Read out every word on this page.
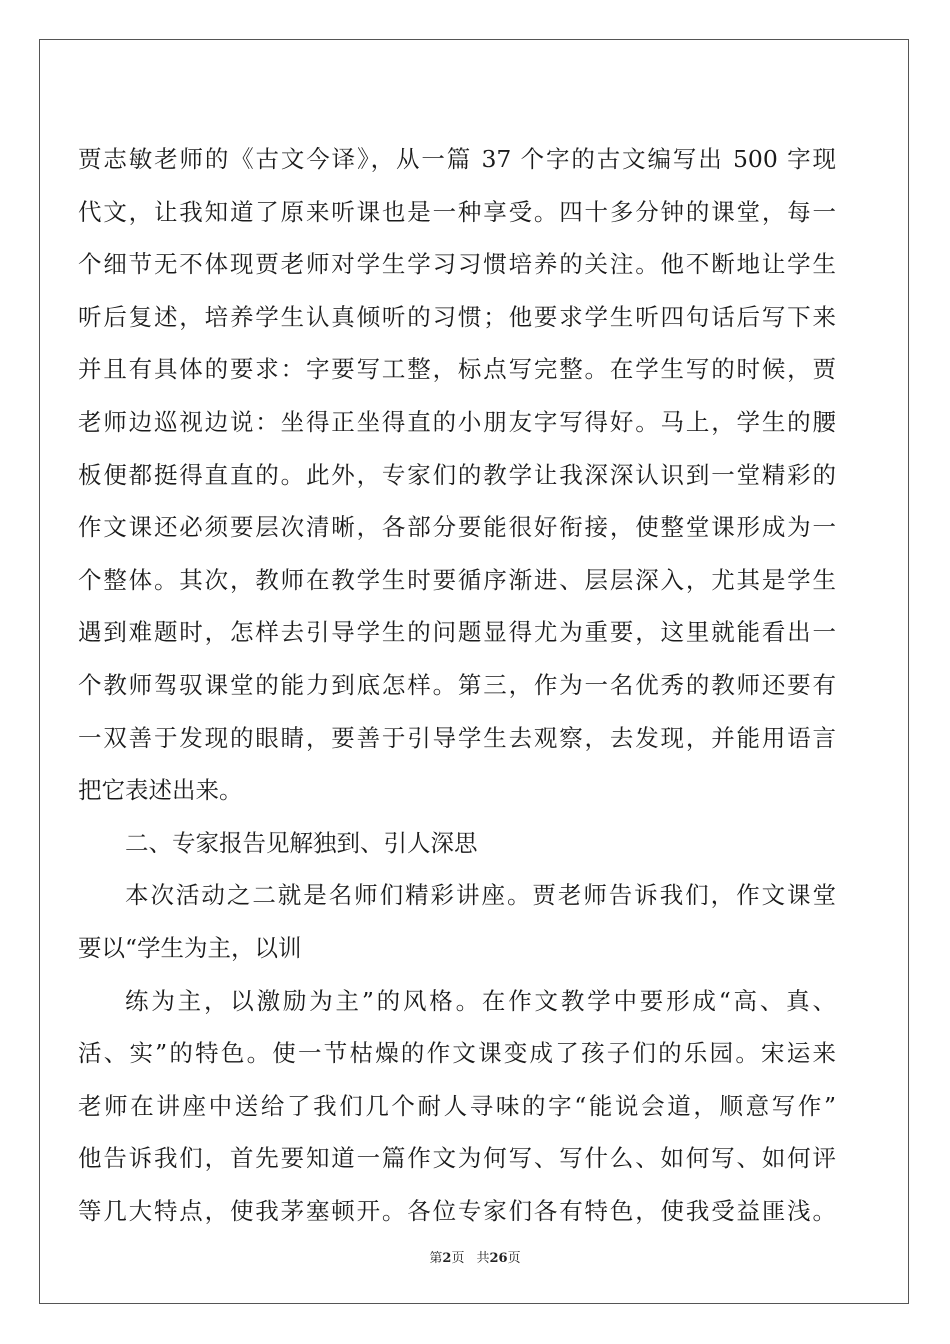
贾志敏老师的《古文今译》，从一篇 37 个字的古文编写出 500 字现
代文，让我知道了原来听课也是一种享受。四十多分钟的课堂，每一
个细节无不体现贾老师对学生学习习惯培养的关注。他不断地让学生
听后复述，培养学生认真倾听的习惯；他要求学生听四句话后写下来
并且有具体的要求：字要写工整，标点写完整。在学生写的时候，贾
老师边巡视边说：坐得正坐得直的小朋友字写得好。马上，学生的腰
板便都挺得直直的。此外，专家们的教学让我深深认识到一堂精彩的
作文课还必须要层次清晰，各部分要能很好衔接，使整堂课形成为一
个整体。其次，教师在教学生时要循序渐进、层层深入，尤其是学生
遇到难题时，怎样去引导学生的问题显得尤为重要，这里就能看出一
个教师驾驭课堂的能力到底怎样。第三，作为一名优秀的教师还要有
一双善于发现的眼睛，要善于引导学生去观察，去发现，并能用语言
把它表述出来。
二、专家报告见解独到、引人深思
本次活动之二就是名师们精彩讲座。贾老师告诉我们，作文课堂
要以“学生为主，以训
练为主，以激励为主”的风格。在作文教学中要形成“高、真、
活、实”的特色。使一节枯燥的作文课变成了孩子们的乐园。宋运来
老师在讲座中送给了我们几个耐人寻味的字“能说会道，顺意写作”
他告诉我们，首先要知道一篇作文为何写、写什么、如何写、如何评
等几大特点，使我茅塞顿开。各位专家们各有特色，使我受益匪浅。
第2页 共26页
